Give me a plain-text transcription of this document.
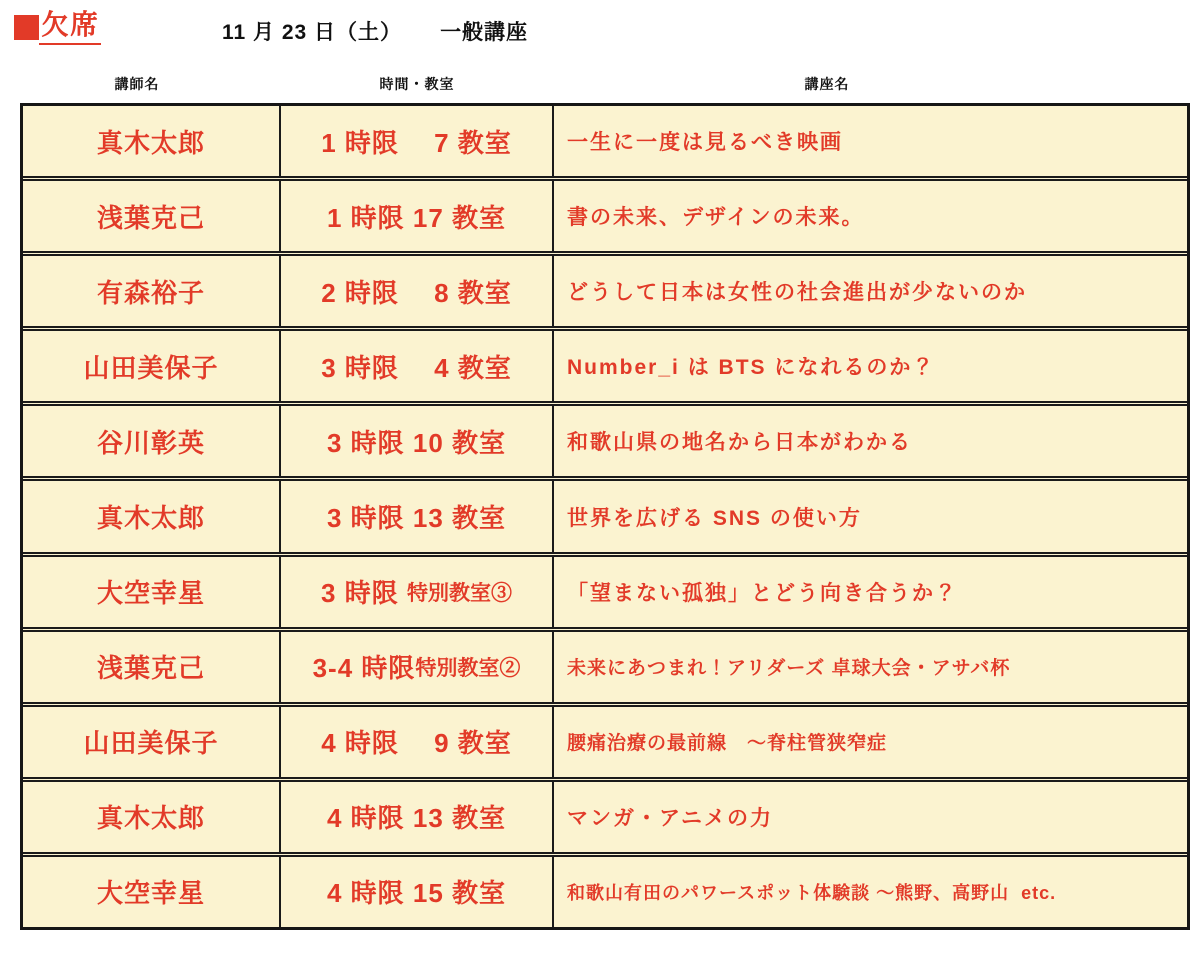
欠席	11 月 23 日（土） 一般講座
講師名	時間・教室	講座名
真木太郎	1 時限　 7 教室	一生に一度は見るべき映画
浅葉克己	1 時限 17 教室	書の未来、デザインの未来。
有森裕子	2 時限　 8 教室	どうして日本は女性の社会進出が少ないのか
山田美保子	3 時限　 4 教室	Number_i は BTS になれるのか？
谷川彰英	3 時限 10 教室	和歌山県の地名から日本がわかる
真木太郎	3 時限 13 教室	世界を広げる SNS の使い方
大空幸星	3 時限 特別教室③	「望まない孤独」とどう向き合うか？
浅葉克己	3-4 時限 特別教室②	未来にあつまれ！アリダーズ 卓球大会・アサバ杯
山田美保子	4 時限　 9 教室	腰痛治療の最前線　～脊柱管狭窄症
真木太郎	4 時限 13 教室	マンガ・アニメの力
大空幸星	4 時限 15 教室	和歌山有田のパワースポット体験談 ～熊野、高野山  etc.
